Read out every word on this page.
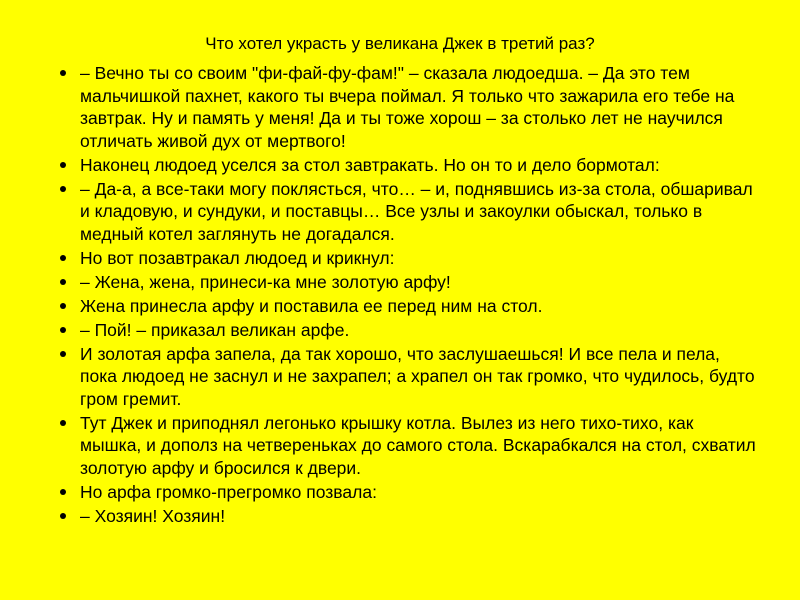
Что хотел украсть у великана Джек в третий раз?
– Вечно ты со своим "фи-фай-фу-фам!" – сказала людоедша. – Да это тем мальчишкой пахнет, какого ты вчера поймал. Я только что зажарила его тебе на завтрак. Ну и память у меня! Да и ты тоже хорош – за столько лет не научился отличать живой дух от мертвого!
Наконец людоед уселся за стол завтракать. Но он то и дело бормотал:
– Да-а, а все-таки могу поклясться, что… – и, поднявшись из-за стола, обшаривал и кладовую, и сундуки, и поставцы… Все узлы и закоулки обыскал, только в медный котел заглянуть не догадался.
Но вот позавтракал людоед и крикнул:
– Жена, жена, принеси-ка мне золотую арфу!
Жена принесла арфу и поставила ее перед ним на стол.
– Пой! – приказал великан арфе.
И золотая арфа запела, да так хорошо, что заслушаешься! И все пела и пела, пока людоед не заснул и не захрапел; а храпел он так громко, что чудилось, будто гром гремит.
Тут Джек и приподнял легонько крышку котла. Вылез из него тихо-тихо, как мышка, и дополз на четвереньках до самого стола. Вскарабкался на стол, схватил золотую арфу и бросился к двери.
Но арфа громко-прегромко позвала:
– Хозяин! Хозяин!
